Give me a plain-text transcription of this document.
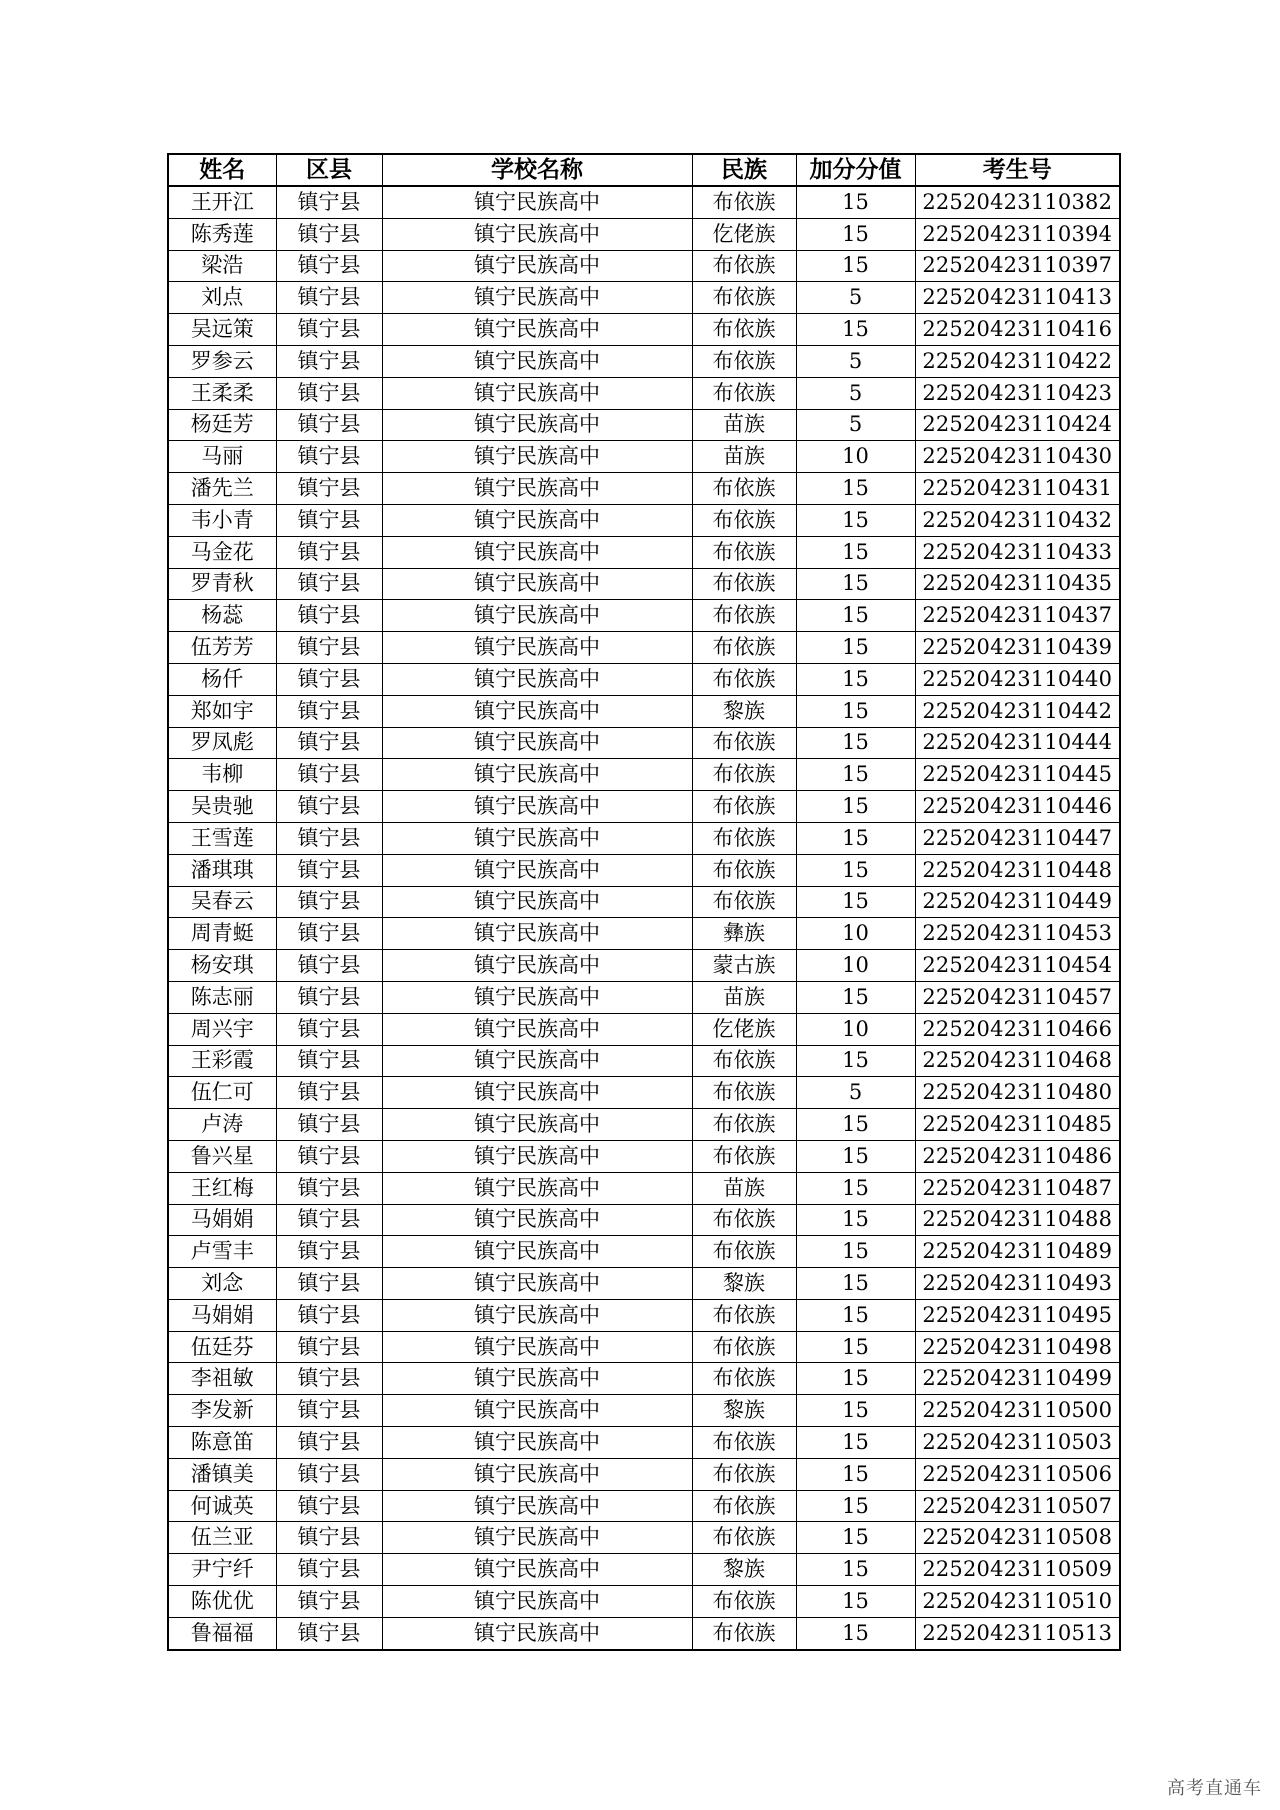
姓名	区县	学校名称	民族	加分分值	考生号
王开江	镇宁县	镇宁民族高中	布依族	15	22520423110382
陈秀莲	镇宁县	镇宁民族高中	仡佬族	15	22520423110394
梁浩	镇宁县	镇宁民族高中	布依族	15	22520423110397
刘点	镇宁县	镇宁民族高中	布依族	5	22520423110413
吴远策	镇宁县	镇宁民族高中	布依族	15	22520423110416
罗参云	镇宁县	镇宁民族高中	布依族	5	22520423110422
王柔柔	镇宁县	镇宁民族高中	布依族	5	22520423110423
杨廷芳	镇宁县	镇宁民族高中	苗族	5	22520423110424
马丽	镇宁县	镇宁民族高中	苗族	10	22520423110430
潘先兰	镇宁县	镇宁民族高中	布依族	15	22520423110431
韦小青	镇宁县	镇宁民族高中	布依族	15	22520423110432
马金花	镇宁县	镇宁民族高中	布依族	15	22520423110433
罗青秋	镇宁县	镇宁民族高中	布依族	15	22520423110435
杨蕊	镇宁县	镇宁民族高中	布依族	15	22520423110437
伍芳芳	镇宁县	镇宁民族高中	布依族	15	22520423110439
杨仟	镇宁县	镇宁民族高中	布依族	15	22520423110440
郑如宇	镇宁县	镇宁民族高中	黎族	15	22520423110442
罗凤彪	镇宁县	镇宁民族高中	布依族	15	22520423110444
韦柳	镇宁县	镇宁民族高中	布依族	15	22520423110445
吴贵驰	镇宁县	镇宁民族高中	布依族	15	22520423110446
王雪莲	镇宁县	镇宁民族高中	布依族	15	22520423110447
潘琪琪	镇宁县	镇宁民族高中	布依族	15	22520423110448
吴春云	镇宁县	镇宁民族高中	布依族	15	22520423110449
周青蜓	镇宁县	镇宁民族高中	彝族	10	22520423110453
杨安琪	镇宁县	镇宁民族高中	蒙古族	10	22520423110454
陈志丽	镇宁县	镇宁民族高中	苗族	15	22520423110457
周兴宇	镇宁县	镇宁民族高中	仡佬族	10	22520423110466
王彩霞	镇宁县	镇宁民族高中	布依族	15	22520423110468
伍仁可	镇宁县	镇宁民族高中	布依族	5	22520423110480
卢涛	镇宁县	镇宁民族高中	布依族	15	22520423110485
鲁兴星	镇宁县	镇宁民族高中	布依族	15	22520423110486
王红梅	镇宁县	镇宁民族高中	苗族	15	22520423110487
马娟娟	镇宁县	镇宁民族高中	布依族	15	22520423110488
卢雪丰	镇宁县	镇宁民族高中	布依族	15	22520423110489
刘念	镇宁县	镇宁民族高中	黎族	15	22520423110493
马娟娟	镇宁县	镇宁民族高中	布依族	15	22520423110495
伍廷芬	镇宁县	镇宁民族高中	布依族	15	22520423110498
李祖敏	镇宁县	镇宁民族高中	布依族	15	22520423110499
李发新	镇宁县	镇宁民族高中	黎族	15	22520423110500
陈意笛	镇宁县	镇宁民族高中	布依族	15	22520423110503
潘镇美	镇宁县	镇宁民族高中	布依族	15	22520423110506
何诚英	镇宁县	镇宁民族高中	布依族	15	22520423110507
伍兰亚	镇宁县	镇宁民族高中	布依族	15	22520423110508
尹宁纤	镇宁县	镇宁民族高中	黎族	15	22520423110509
陈优优	镇宁县	镇宁民族高中	布依族	15	22520423110510
鲁福福	镇宁县	镇宁民族高中	布依族	15	22520423110513
高考直通车
